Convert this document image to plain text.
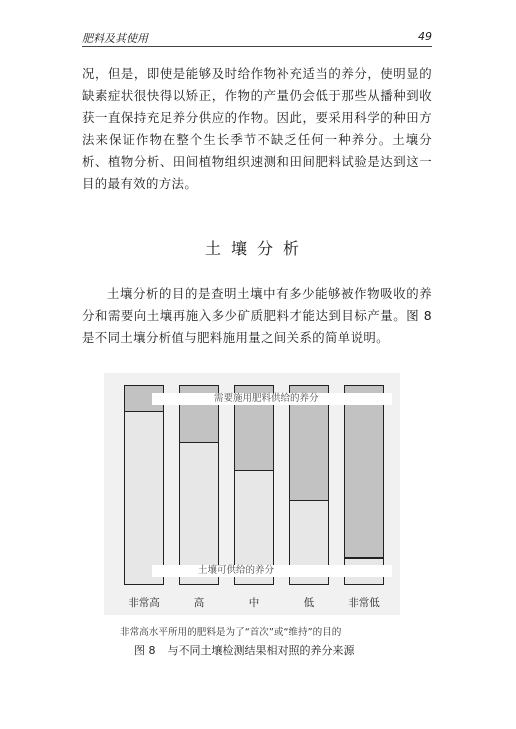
肥料及其使用	49
况，但是，即使是能够及时给作物补充适当的养分，使明显的缺素症状很快得以矫正，作物的产量仍会低于那些从播种到收获一直保持充足养分供应的作物。因此，要采用科学的种田方法来保证作物在整个生长季节不缺乏任何一种养分。土壤分析、植物分析、田间植物组织速测和田间肥料试验是达到这一目的最有效的方法。
土壤分析
土壤分析的目的是查明土壤中有多少能够被作物吸收的养分和需要向土壤再施入多少矿质肥料才能达到目标产量。图 8 是不同土壤分析值与肥料施用量之间关系的简单说明。
需要施用肥料供给的养分
土壤可供给的养分
非常高	高	中	低	非常低
非常高水平所用的肥料是为了“首次”或“维持”的目的
图 8 与不同土壤检测结果相对照的养分来源
